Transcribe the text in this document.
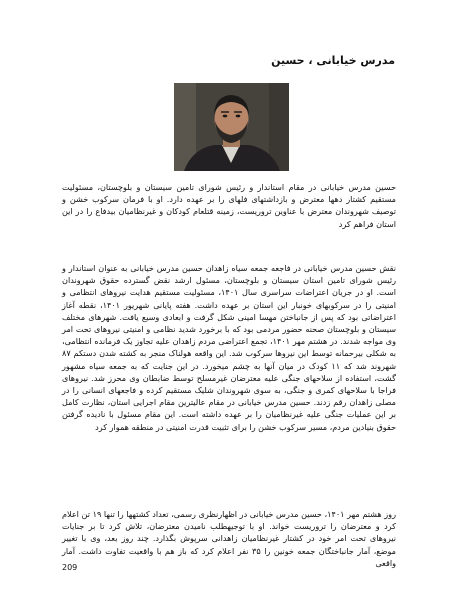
مدرس خیابانی ، حسین

حسین مدرس خیابانی در مقام استاندار و رئیس شورای تامین سیستان و بلوچستان، مسئولیت مستقیم کشتار دهها معترض و بازداشتهای فلهای را بر عهده دارد. او با فرمان سرکوب خشن و توصیف شهروندان معترض با عناوین تروریست، زمینه قتلعام کودکان و غیرنظامیان بیدفاع را در این استان فراهم کرد

نقش حسین مدرس خیابانی در فاجعه جمعه سیاه زاهدان حسین مدرس خیابانی به عنوان استاندار و رئیس شورای تامین استان سیستان و بلوچستان، مسئول ارشد نقض گسترده حقوق شهروندان است. او در جریان اعتراضات سراسری سال ۱۴۰۱، مسئولیت مستقیم هدایت نیروهای انتظامی و امنیتی را در سرکوبهای خونبار این استان بر عهده داشت. هفته پایانی شهریور ۱۴۰۱، نقطه آغاز اعتراضاتی بود که پس از جانباختن مهسا امینی شکل گرفت و ابعادی وسیع یافت. شهرهای مختلف سیستان و بلوچستان صحنه حضور مردمی بود که با برخورد شدید نظامی و امنیتی نیروهای تحت امر وی مواجه شدند. در هشتم مهر ۱۴۰۱، تجمع اعتراضی مردم زاهدان علیه تجاوز یک فرمانده انتظامی، به شکلی بیرحمانه توسط این نیروها سرکوب شد. این واقعه هولناک منجر به کشته شدن دستکم ۸۷ شهروند شد که ۱۱ کودک در میان آنها به چشم میخورد. در این جنایت که به جمعه سیاه مشهور گشت، استفاده از سلاحهای جنگی علیه معترضان غیرمسلح توسط ضابطان وی محرز شد. نیروهای فراجا با سلاحهای کمری و جنگی، به سوی شهروندان شلیک مستقیم کرده و فاجعهای انسانی را در مصلی زاهدان رقم زدند. حسین مدرس خیابانی در مقام عالیترین مقام اجرایی استان، نظارت کامل بر این عملیات جنگی علیه غیرنظامیان را بر عهده داشته است. این مقام مسئول با نادیده گرفتن حقوق بنیادین مردم، مسیر سرکوب خشن را برای تثبیت قدرت امنیتی در منطقه هموار کرد

روز هشتم مهر ۱۴۰۱، حسین مدرس خیابانی در اظهارنظری رسمی، تعداد کشتهها را تنها ۱۹ تن اعلام کرد و معترضان را تروریست خواند. او با توجیهطلب نامیدن معترضان، تلاش کرد تا بر جنایات نیروهای تحت امر خود در کشتار غیرنظامیان زاهدانی سرپوش بگذارد. چند روز بعد، وی با تغییر موضع، آمار جانباختگان جمعه خونین را ۳۵ نفر اعلام کرد که باز هم با واقعیت تفاوت داشت. آمار واقعی

209
